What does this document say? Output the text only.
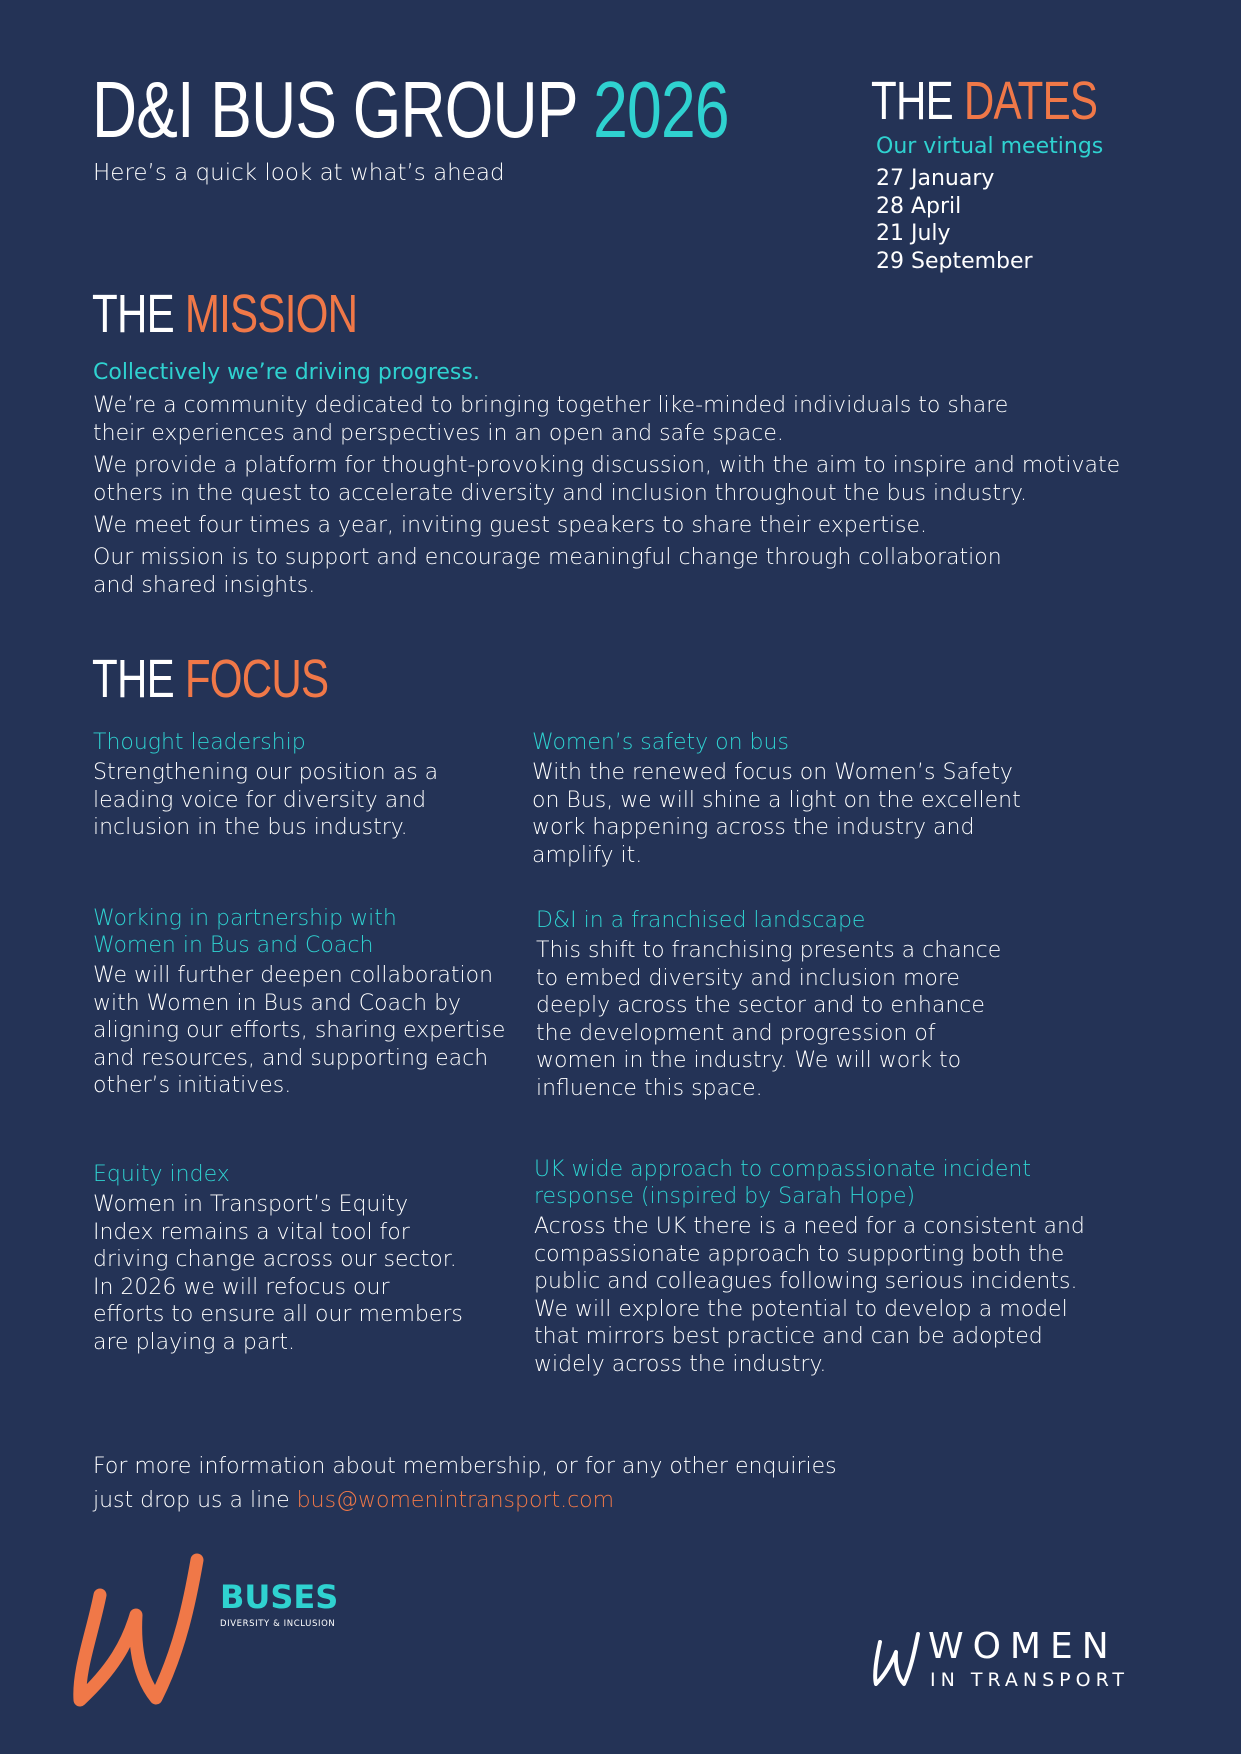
D&I BUS GROUP 2026
Here’s a quick look at what’s ahead
THE DATES
Our virtual meetings
27 January
28 April
21 July
29 September
THE MISSION
Collectively we’re driving progress.

We’re a community dedicated to bringing together like-minded individuals to share their experiences and perspectives in an open and safe space.

We provide a platform for thought-provoking discussion, with the aim to inspire and motivate others in the quest to accelerate diversity and inclusion throughout the bus industry.

We meet four times a year, inviting guest speakers to share their expertise.

Our mission is to support and encourage meaningful change through collaboration and shared insights.

THE FOCUS
Thought leadership

Strengthening our position as a leading voice for diversity and inclusion in the bus industry.

Women’s safety on bus

With the renewed focus on Women’s Safety on Bus, we will shine a light on the excellent work happening across the industry and amplify it.

Working in partnership with Women in Bus and Coach

We will further deepen collaboration with Women in Bus and Coach by aligning our efforts, sharing expertise and resources, and supporting each other’s initiatives.

D&I in a franchised landscape

This shift to franchising presents a chance to embed diversity and inclusion more deeply across the sector and to enhance the development and progression of women in the industry. We will work to influence this space.

Equity index

Women in Transport’s Equity Index remains a vital tool for driving change across our sector. In 2026 we will refocus our efforts to ensure all our members are playing a part.

UK wide approach to compassionate incident response (inspired by Sarah Hope)

Across the UK there is a need for a consistent and compassionate approach to supporting both the public and colleagues following serious incidents. We will explore the potential to develop a model that mirrors best practice and can be adopted widely across the industry.

For more information about membership, or for any other enquiries
just drop us a line bus@womenintransport.com
BUSES
DIVERSITY & INCLUSION
WOMEN
IN TRANSPORT
